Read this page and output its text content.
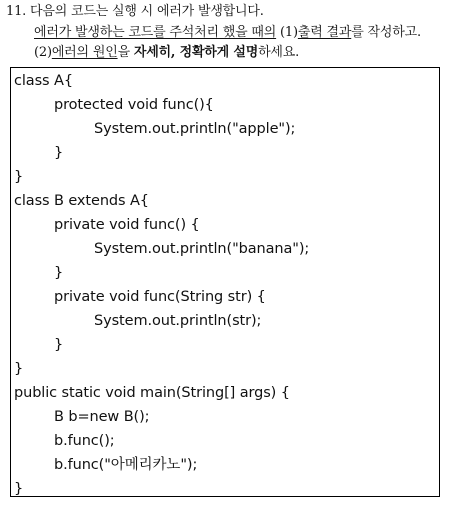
11. 다음의 코드는 실행 시 에러가 발생합니다.
에러가 발생하는 코드를 주석처리 했을 때의 (1)출력 결과를 작성하고.
(2)에러의 원인을 자세히, 정확하게 설명하세요.
class A{
protected void func(){
System.out.println("apple");
}
}
class B extends A{
private void func() {
System.out.println("banana");
}
private void func(String str) {
System.out.println(str);
}
}
public static void main(String[] args) {
B b=new B();
b.func();
b.func("아메리카노");
}
